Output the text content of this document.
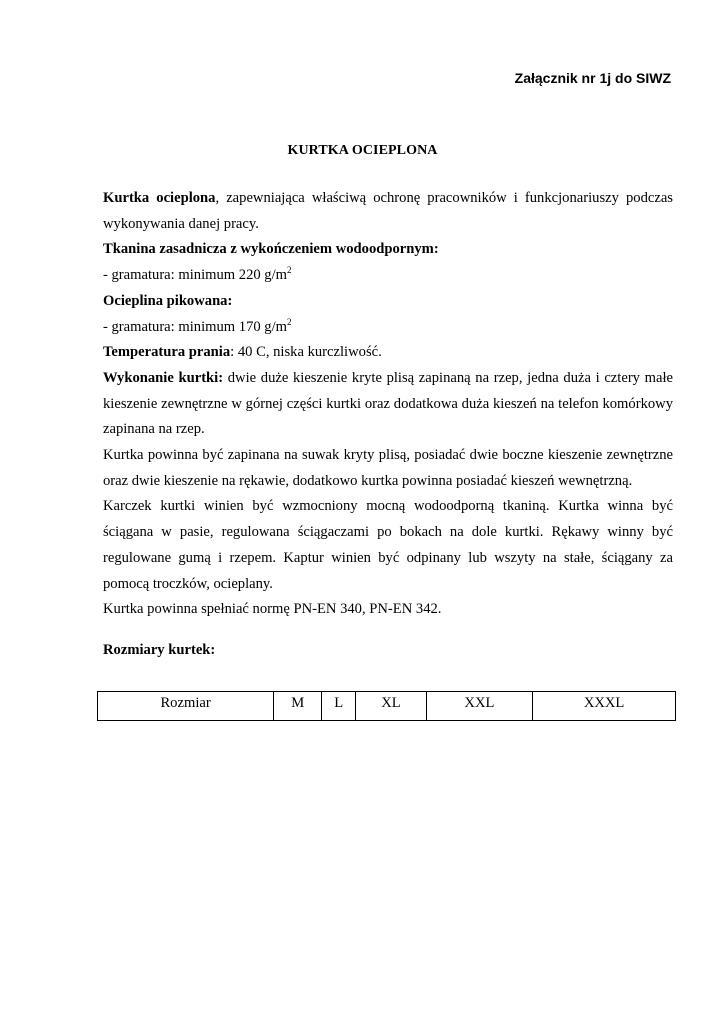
Załącznik nr 1j do SIWZ
KURTKA OCIEPLONA

Kurtka ocieplona, zapewniająca właściwą ochronę pracowników i funkcjonariuszy podczas wykonywania danej pracy.

Tkanina zasadnicza z wykończeniem wodoodpornym:

- gramatura: minimum 220 $g/m^2$

Ocieplina pikowana:

- gramatura: minimum 170 $g/m^2$

Temperatura prania: 40 C, niska kurczliwość.

Wykonanie kurtki: dwie duże kieszenie kryte plisą zapinaną na rzep, jedna duża i cztery małe kieszenie zewnętrzne w górnej części kurtki oraz dodatkowa duża kieszeń na telefon komórkowy zapinana na rzep.

Kurtka powinna być zapinana na suwak kryty plisą, posiadać dwie boczne kieszenie zewnętrzne oraz dwie kieszenie na rękawie, dodatkowo kurtka powinna posiadać kieszeń wewnętrzną.

Karczek kurtki winien być wzmocniony mocną wodoodporną tkaniną. Kurtka winna być ściągana w pasie, regulowana ściągaczami po bokach na dole kurtki. Rękawy winny być regulowane gumą i rzepem. Kaptur winien być odpinany lub wszyty na stałe, ściągany za pomocą troczków, ocieplany.

Kurtka powinna spełniać normę PN-EN 340, PN-EN 342.

Rozmiary kurtek:
Rozmiar	M	L	XL	XXL	XXXL
